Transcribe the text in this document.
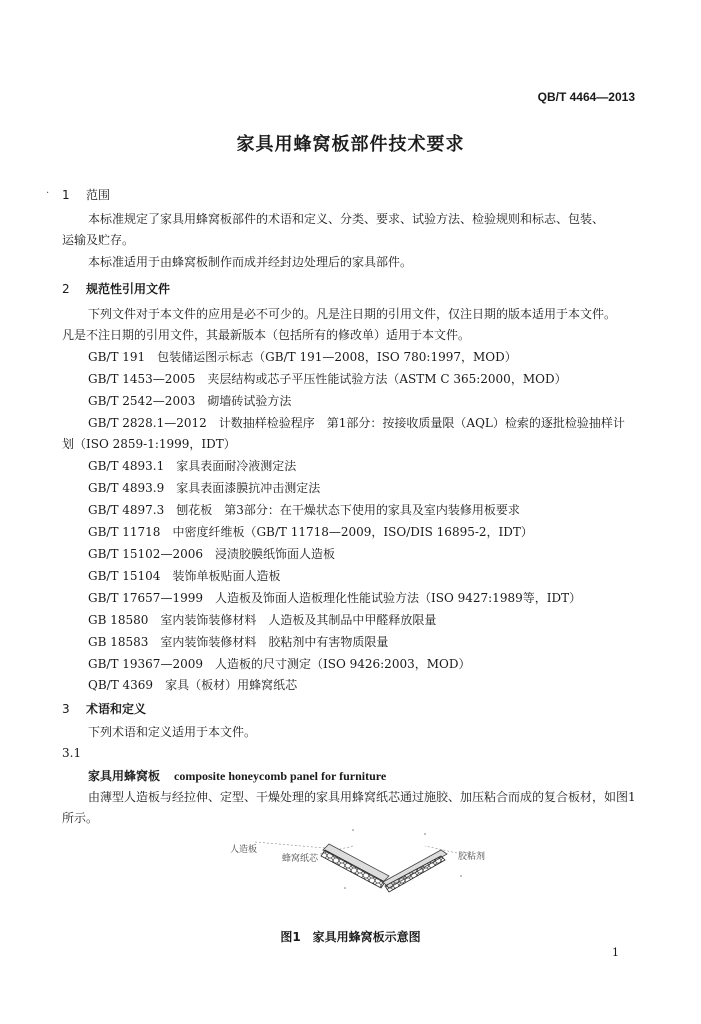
·
QB/T 4464—2013
家具用蜂窝板部件技术要求
1 范围
本标准规定了家具用蜂窝板部件的术语和定义、分类、要求、试验方法、检验规则和标志、包装、
运输及贮存。
本标准适用于由蜂窝板制作而成并经封边处理后的家具部件。
2 规范性引用文件
下列文件对于本文件的应用是必不可少的。凡是注日期的引用文件，仅注日期的版本适用于本文件。
凡是不注日期的引用文件，其最新版本（包括所有的修改单）适用于本文件。
GB/T 191 包装储运图示标志（GB/T 191—2008，ISO 780:1997，MOD）
GB/T 1453—2005 夹层结构或芯子平压性能试验方法（ASTM C 365:2000，MOD）
GB/T 2542—2003 砌墙砖试验方法
GB/T 2828.1—2012 计数抽样检验程序　第1部分：按接收质量限（AQL）检索的逐批检验抽样计
划（ISO 2859-1:1999，IDT）
GB/T 4893.1 家具表面耐冷液测定法
GB/T 4893.9 家具表面漆膜抗冲击测定法
GB/T 4897.3 刨花板　第3部分：在干燥状态下使用的家具及室内装修用板要求
GB/T 11718 中密度纤维板（GB/T 11718—2009，ISO/DIS 16895-2，IDT）
GB/T 15102—2006 浸渍胶膜纸饰面人造板
GB/T 15104 装饰单板贴面人造板
GB/T 17657—1999 人造板及饰面人造板理化性能试验方法（ISO 9427:1989等，IDT）
GB 18580 室内装饰装修材料　人造板及其制品中甲醛释放限量
GB 18583 室内装饰装修材料　胶粘剂中有害物质限量
GB/T 19367—2009 人造板的尺寸测定（ISO 9426:2003，MOD）
QB/T 4369 家具（板材）用蜂窝纸芯
3 术语和定义
下列术语和定义适用于本文件。
3.1
家具用蜂窝板 composite honeycomb panel for furniture
由薄型人造板与经拉伸、定型、干燥处理的家具用蜂窝纸芯通过施胶、加压粘合而成的复合板材，如图1
所示。
人造板
蜂窝纸芯	胶粘剂
图1 家具用蜂窝板示意图
1
